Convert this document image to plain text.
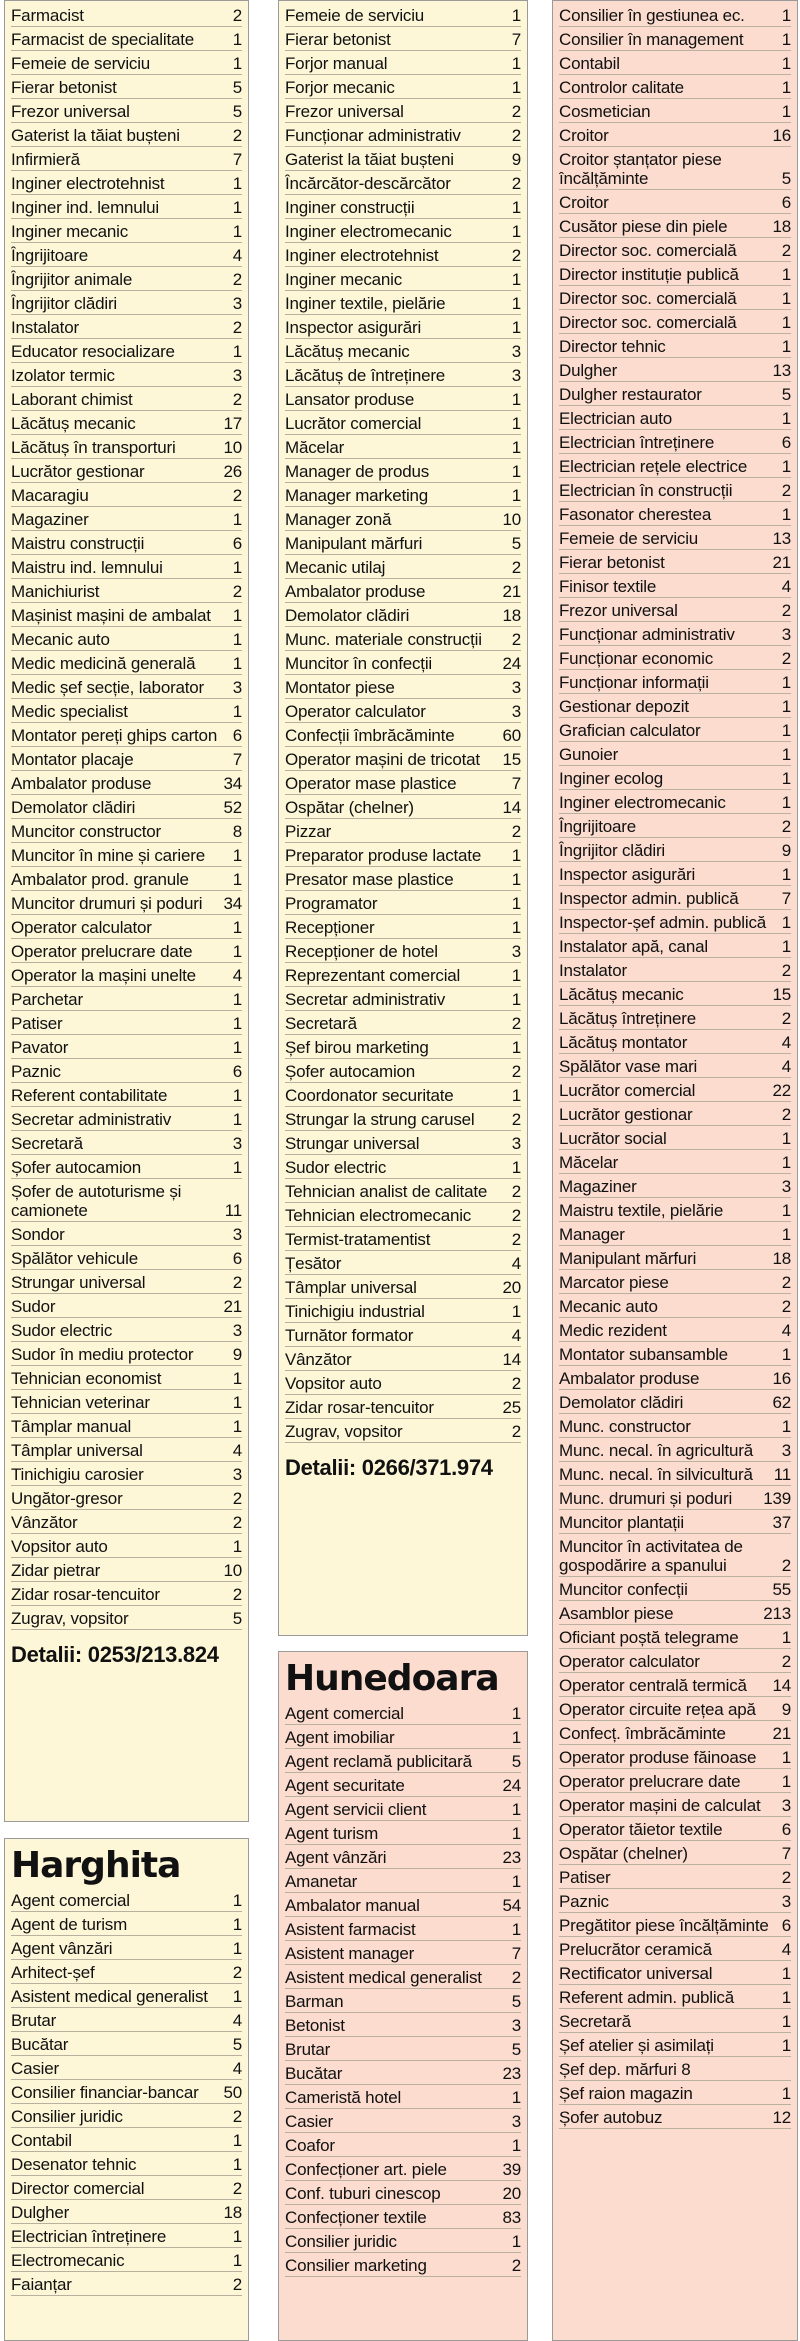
Farmacist	2
Farmacist de specialitate	1
Femeie de serviciu	1
Fierar betonist	5
Frezor universal	5
Gaterist la tăiat bușteni	2
Infirmieră	7
Inginer electrotehnist	1
Inginer ind. lemnului	1
Inginer mecanic	1
Îngrijitoare	4
Îngrijitor animale	2
Îngrijitor clădiri	3
Instalator	2
Educator resocializare	1
Izolator termic	3
Laborant chimist	2
Lăcătuș mecanic	17
Lăcătuș în transporturi	10
Lucrător gestionar	26
Macaragiu	2
Magaziner	1
Maistru construcții	6
Maistru ind. lemnului	1
Manichiurist	2
Mașinist mașini de ambalat	1
Mecanic auto	1
Medic medicină generală	1
Medic șef secție, laborator	3
Medic specialist	1
Montator pereți ghips carton 6
Montator placaje	7
Ambalator produse	34
Demolator clădiri	52
Muncitor constructor	8
Muncitor în mine și cariere	1
Ambalator prod. granule	1
Muncitor drumuri și poduri	34
Operator calculator	1
Operator prelucrare date	1
Operator la mașini unelte	4
Parchetar	1
Patiser	1
Pavator	1
Paznic	6
Referent contabilitate	1
Secretar administrativ	1
Secretară	3
Șofer autocamion	1
Șofer de autoturisme și camionete	11
Sondor	3
Spălător vehicule	6
Strungar universal	2
Sudor	21
Sudor electric	3
Sudor în mediu protector	9
Tehnician economist	1
Tehnician veterinar	1
Tâmplar manual	1
Tâmplar universal	4
Tinichigiu carosier	3
Ungător-gresor	2
Vânzător	2
Vopsitor auto	1
Zidar pietrar	10
Zidar rosar-tencuitor	2
Zugrav, vopsitor	5
Detalii: 0253/213.824
Harghita
Agent comercial	1
Agent de turism	1
Agent vânzări	1
Arhitect-șef	2
Asistent medical generalist	1
Brutar	4
Bucătar	5
Casier	4
Consilier financiar-bancar	50
Consilier juridic	2
Contabil	1
Desenator tehnic	1
Director comercial	2
Dulgher	18
Electrician întreținere	1
Electromecanic	1
Faianțar	2
Femeie de serviciu	1
Fierar betonist	7
Forjor manual	1
Forjor mecanic	1
Frezor universal	2
Funcționar administrativ	2
Gaterist la tăiat bușteni	9
Încărcător-descărcător	2
Inginer construcții	1
Inginer electromecanic	1
Inginer electrotehnist	2
Inginer mecanic	1
Inginer textile, pielărie	1
Inspector asigurări	1
Lăcătuș mecanic	3
Lăcătuș de întreținere	3
Lansator produse	1
Lucrător comercial	1
Măcelar	1
Manager de produs	1
Manager marketing	1
Manager zonă	10
Manipulant mărfuri	5
Mecanic utilaj	2
Ambalator produse	21
Demolator clădiri	18
Munc. materiale construcții	2
Muncitor în confecții	24
Montator piese	3
Operator calculator	3
Confecții îmbrăcăminte	60
Operator mașini de tricotat	15
Operator mase plastice	7
Ospătar (chelner)	14
Pizzar	2
Preparator produse lactate	1
Presator mase plastice	1
Programator	1
Recepționer	1
Recepționer de hotel	3
Reprezentant comercial	1
Secretar administrativ	1
Secretară	2
Șef birou marketing	1
Șofer autocamion	2
Coordonator securitate	1
Strungar la strung carusel	2
Strungar universal	3
Sudor electric	1
Tehnician analist de calitate	2
Tehnician electromecanic	2
Termist-tratamentist	2
Țesător	4
Tâmplar universal	20
Tinichigiu industrial	1
Turnător formator	4
Vânzător	14
Vopsitor auto	2
Zidar rosar-tencuitor	25
Zugrav, vopsitor	2
Detalii: 0266/371.974
Hunedoara
Agent comercial	1
Agent imobiliar	1
Agent reclamă publicitară	5
Agent securitate	24
Agent servicii client	1
Agent turism	1
Agent vânzări	23
Amanetar	1
Ambalator manual	54
Asistent farmacist	1
Asistent manager	7
Asistent medical generalist	2
Barman	5
Betonist	3
Brutar	5
Bucătar	23
Cameristă hotel	1
Casier	3
Coafor	1
Confecționer art. piele	39
Conf. tuburi cinescop	20
Confecționer textile	83
Consilier juridic	1
Consilier marketing	2
Consilier în gestiunea ec.	1
Consilier în management	1
Contabil	1
Controlor calitate	1
Cosmetician	1
Croitor	16
Croitor ștanțator piese încălțăminte	5
Croitor	6
Cusător piese din piele	18
Director soc. comercială	2
Director instituție publică	1
Director soc. comercială	1
Director soc. comercială	1
Director tehnic	1
Dulgher	13
Dulgher restaurator	5
Electrician auto	1
Electrician întreținere	6
Electrician rețele electrice	1
Electrician în construcții	2
Fasonator cherestea	1
Femeie de serviciu	13
Fierar betonist	21
Finisor textile	4
Frezor universal	2
Funcționar administrativ	3
Funcționar economic	2
Funcționar informații	1
Gestionar depozit	1
Grafician calculator	1
Gunoier	1
Inginer ecolog	1
Inginer electromecanic	1
Îngrijitoare	2
Îngrijitor clădiri	9
Inspector asigurări	1
Inspector admin. publică	7
Inspector-șef admin. publică 1
Instalator apă, canal	1
Instalator	2
Lăcătuș mecanic	15
Lăcătuș întreținere	2
Lăcătuș montator	4
Spălător vase mari	4
Lucrător comercial	22
Lucrător gestionar	2
Lucrător social	1
Măcelar	1
Magaziner	3
Maistru textile, pielărie	1
Manager	1
Manipulant mărfuri	18
Marcator piese	2
Mecanic auto	2
Medic rezident	4
Montator subansamble	1
Ambalator produse	16
Demolator clădiri	62
Munc. constructor	1
Munc. necal. în agricultură	3
Munc. necal. în silvicultură	11
Munc. drumuri și poduri	139
Muncitor plantații	37
Muncitor în activitatea de gospodărire a spanului	2
Muncitor confecții	55
Asamblor piese	213
Oficiant poștă telegrame	1
Operator calculator	2
Operator centrală termică	14
Operator circuite rețea apă	9
Confecț. îmbrăcăminte	21
Operator produse făinoase	1
Operator prelucrare date	1
Operator mașini de calculat	3
Operator tăietor textile	6
Ospătar (chelner)	7
Patiser	2
Paznic	3
Pregătitor piese încălțăminte 6
Prelucrător ceramică	4
Rectificator universal	1
Referent admin. publică	1
Secretară	1
Șef atelier și asimilați	1
Șef dep. mărfuri 8
Șef raion magazin	1
Șofer autobuz	12
